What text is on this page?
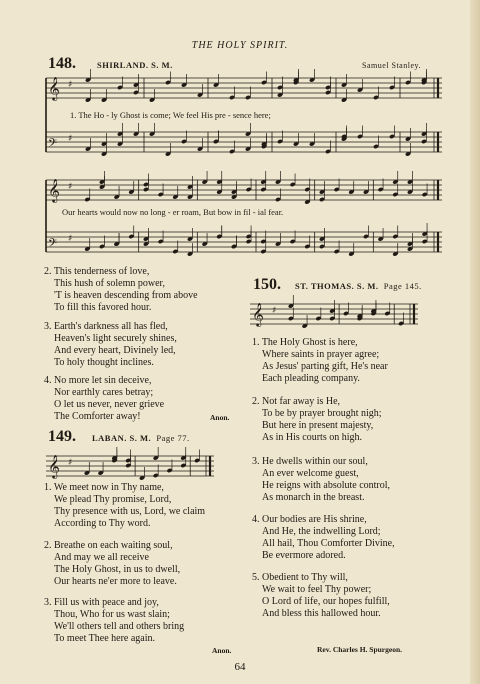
THE HOLY SPIRIT.
148. SHIRLAND. S. M.	Samuel Stanley.
𝄞 ♯
𝄢 ♯
1. The Ho - ly Ghost is come; We feel His pre - sence here;
𝄞 ♯
𝄢 ♯
Our hearts would now no long - er roam, But bow in fil - ial fear.
2. This tenderness of love,
This hush of solemn power,
'T is heaven descending from above
To fill this favored hour.
3. Earth's darkness all has fled,
Heaven's light securely shines,
And every heart, Divinely led,
To holy thought inclines.
4. No more let sin deceive,
Nor earthly cares betray;
O let us never, never grieve
The Comforter away!	Anon.
149. LABAN. S. M. Page 77.
𝄞 ♯
1. We meet now in Thy name,
We plead Thy promise, Lord,
Thy presence with us, Lord, we claim
According to Thy word.
2. Breathe on each waiting soul,
And may we all receive
The Holy Ghost, in us to dwell,
Our hearts ne'er more to leave.
3. Fill us with peace and joy,
Thou, Who for us wast slain;
We'll others tell and others bring
To meet Thee here again.
Anon.
150. ST. THOMAS. S. M. Page 145.
𝄞 ♯
1. The Holy Ghost is here,
Where saints in prayer agree;
As Jesus' parting gift, He's near
Each pleading company.
2. Not far away is He,
To be by prayer brought nigh;
But here in present majesty,
As in His courts on high.
3. He dwells within our soul,
An ever welcome guest,
He reigns with absolute control,
As monarch in the breast.
4. Our bodies are His shrine,
And He, the indwelling Lord;
All hail, Thou Comforter Divine,
Be evermore adored.
5. Obedient to Thy will,
We wait to feel Thy power;
O Lord of life, our hopes fulfill,
And bless this hallowed hour.
Rev. Charles H. Spurgeon.
64
